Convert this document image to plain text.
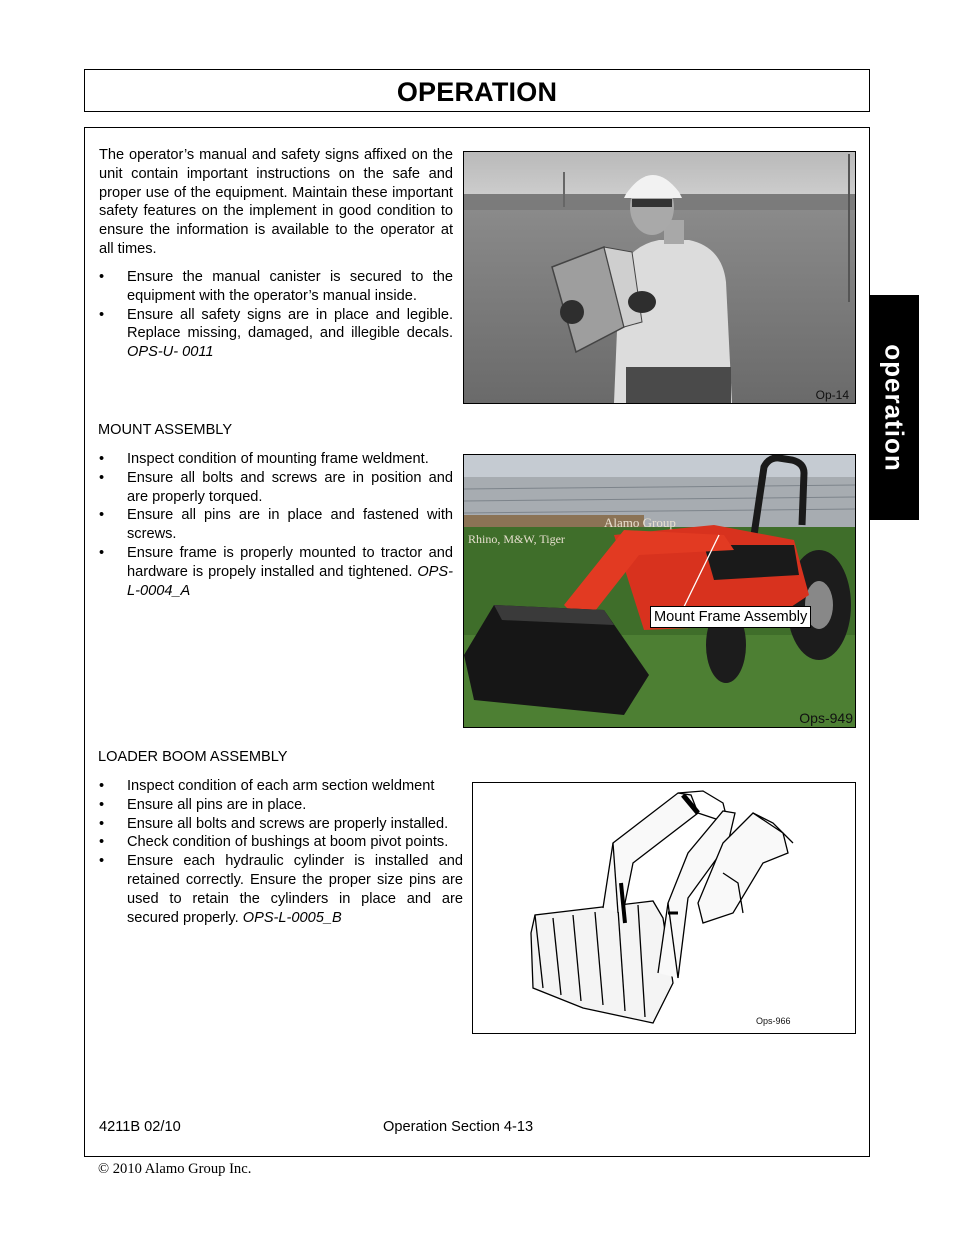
OPERATION
operation

The operator’s manual and safety signs affixed on the unit contain important instructions on the safe and proper use of the equipment. Maintain these important safety features on the implement in good condition to ensure the information is available to the operator at all times.

• Ensure the manual canister is secured to the equipment with the operator’s manual inside.
• Ensure all safety signs are in place and legible. Replace missing, damaged, and illegible decals. OPS-U- 0011
Op-14

MOUNT ASSEMBLY

• Inspect condition of mounting frame weldment.
• Ensure all bolts and screws are in position and are properly torqued.
• Ensure all pins are in place and fastened with screws.
• Ensure frame is properly mounted to tractor and hardware is propely installed and tightened. OPS-L-0004_A
Alamo Group
Rhino, M&W, Tiger
Mount Frame Assembly
Ops-949

LOADER BOOM ASSEMBLY

• Inspect condition of each arm section weldment
• Ensure all pins are in place.
• Ensure all bolts and screws are properly installed.
• Check condition of bushings at boom pivot points.
• Ensure each hydraulic cylinder is installed and retained correctly. Ensure the proper size pins are used to retain the cylinders in place and are secured properly. OPS-L-0005_B
Ops-966
4211B 02/10	Operation Section 4-13
© 2010 Alamo Group Inc.
